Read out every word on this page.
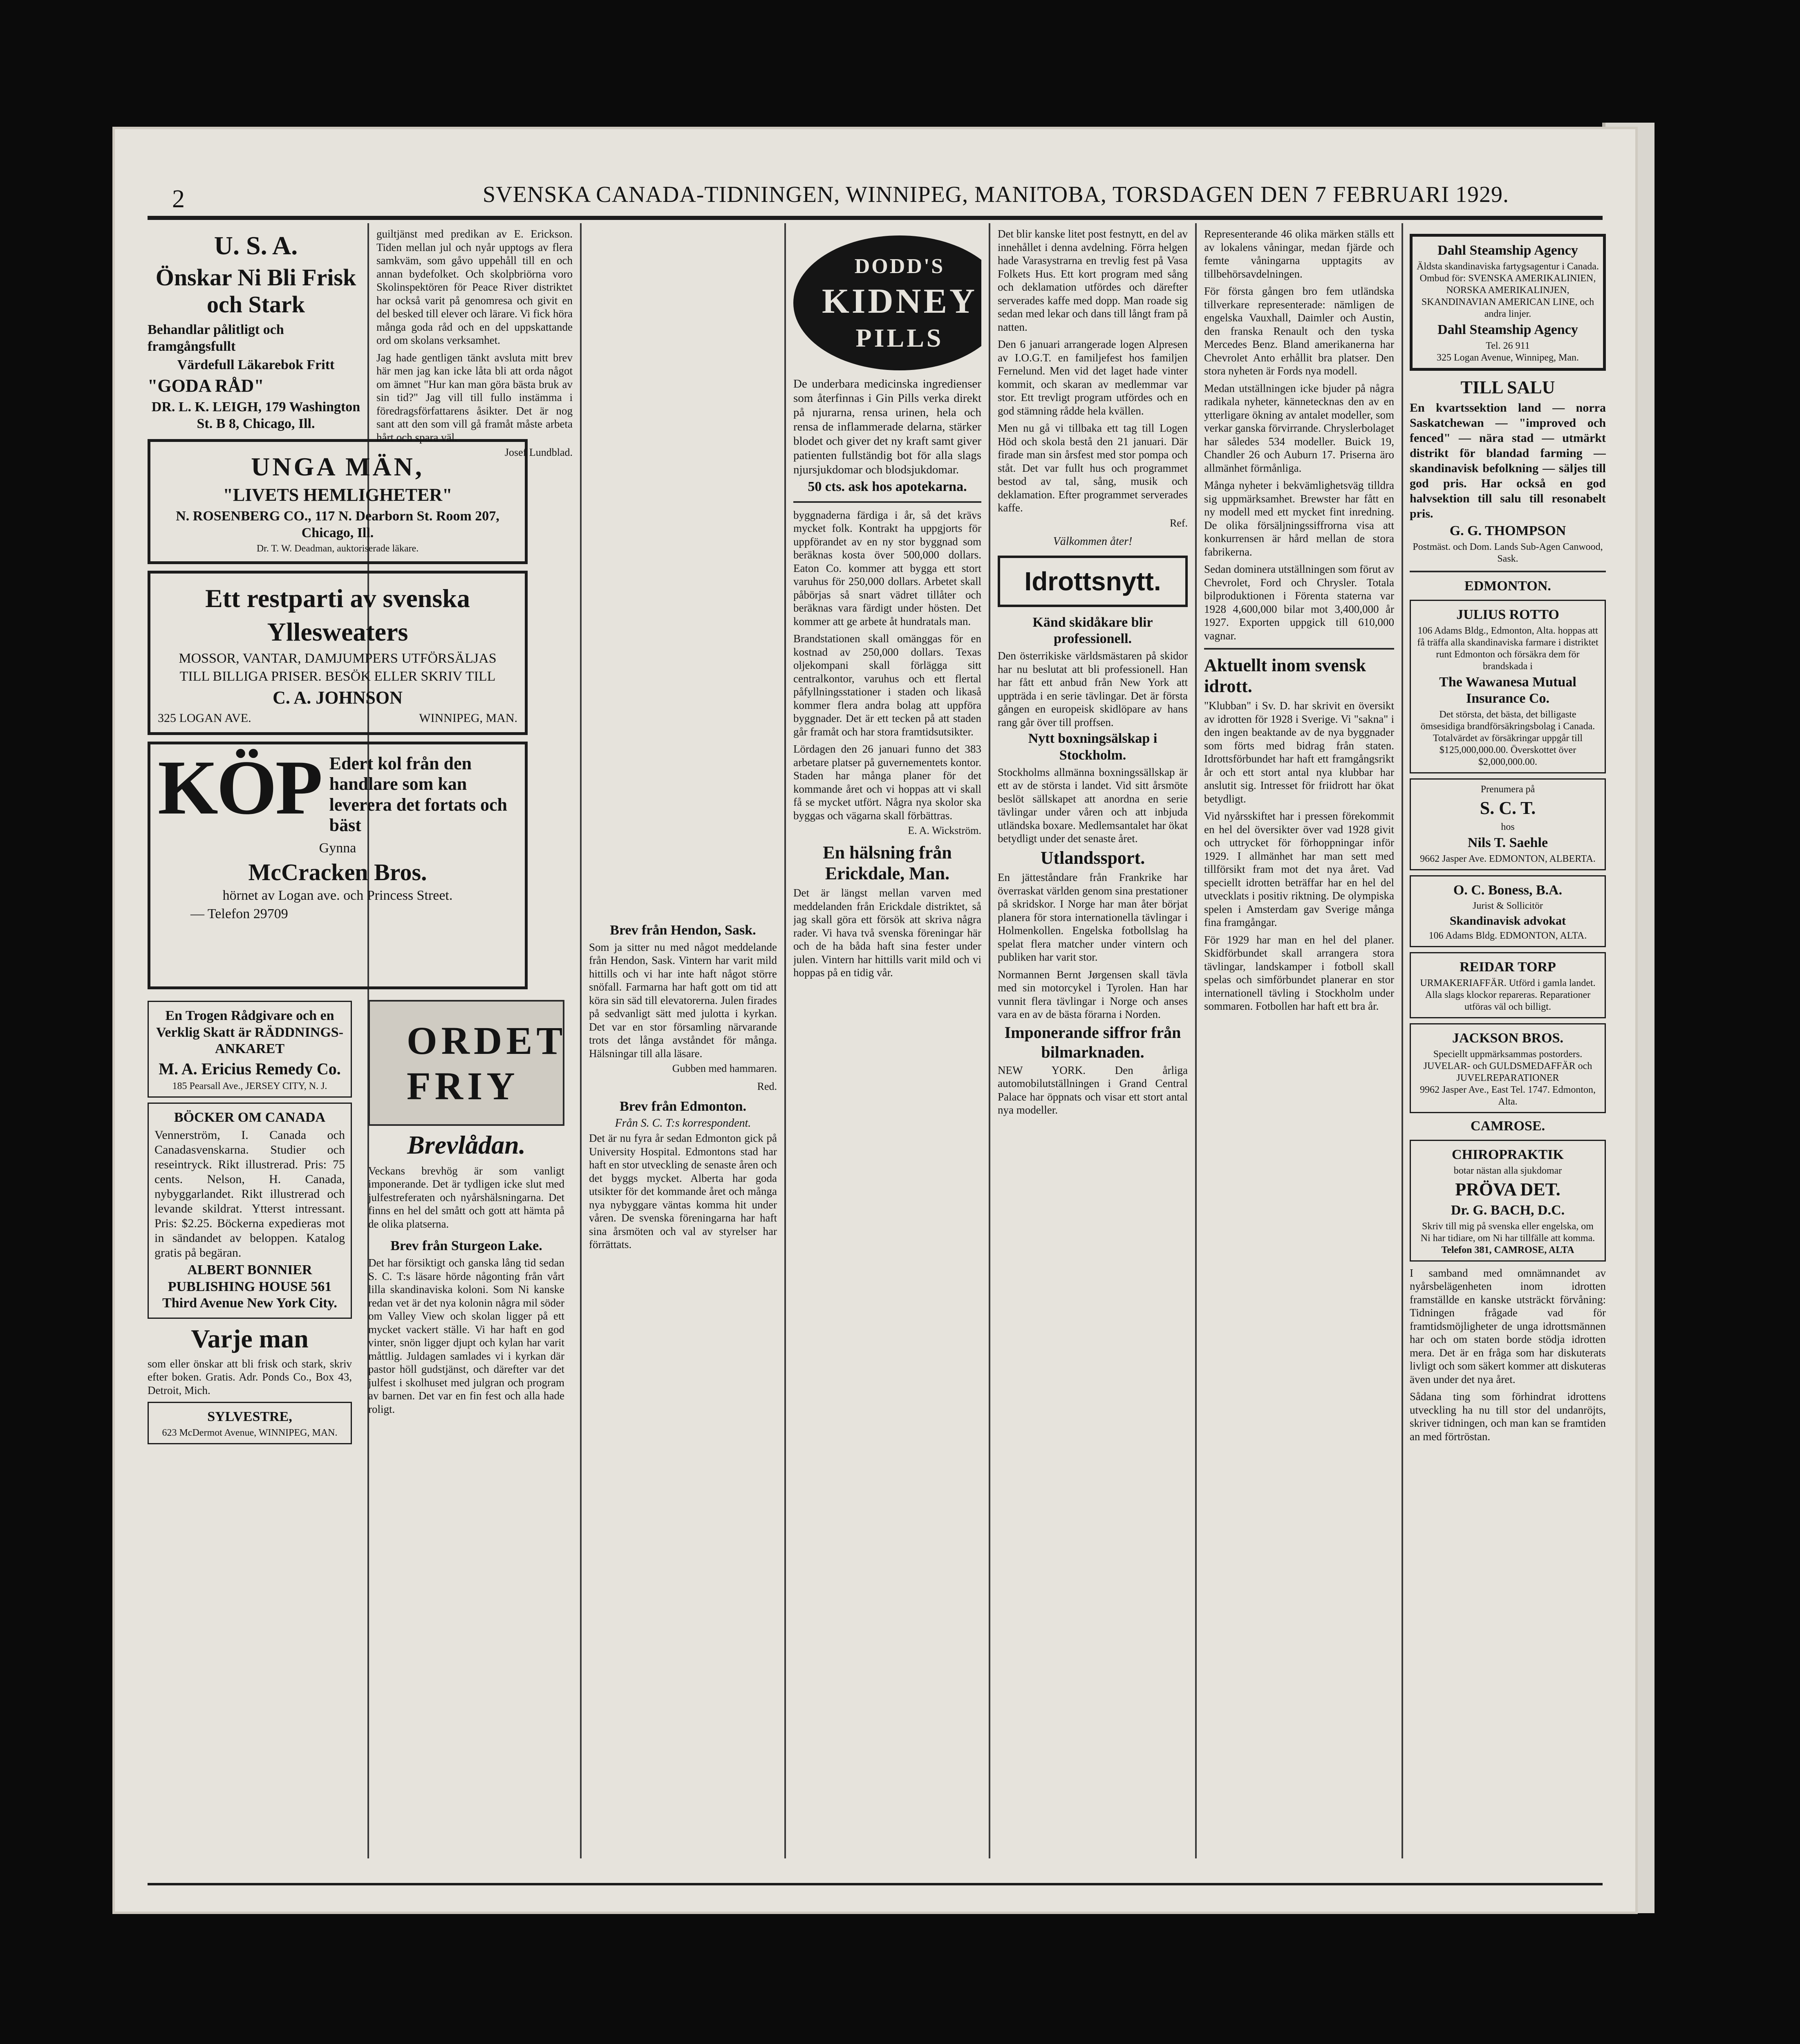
2	SVENSKA CANADA-TIDNINGEN, WINNIPEG, MANITOBA, TORSDAGEN DEN 7 FEBRUARI 1929.
U. S. A.
Önskar Ni Bli Frisk och Stark
Behandlar pålitligt och framgångsfullt
Värdefull Läkarebok Fritt
"GODA RÅD"
DR. L. K. LEIGH, 179 Washington St. B 8, Chicago, Ill.
UNGA MÄN,
"LIVETS HEMLIGHETER"
N. ROSENBERG CO., 117 N. Dearborn St. Room 207, Chicago, Ill.
Dr. T. W. Deadman, auktoriserade läkare.
Ett restparti av svenska
Yllesweaters
MOSSOR, VANTAR, DAMJUMPERS UTFÖRSÄLJAS
TILL BILLIGA PRISER. BESÖK ELLER SKRIV TILL
C. A. JOHNSON
325 LOGAN AVE.	WINNIPEG, MAN.
KÖP Edert kol från den handlare som kan leverera det fortats och bäst
Gynna
McCracken Bros.
hörnet av Logan ave. och Princess Street.
— Telefon 29709
En Trogen Rådgivare och en Verklig Skatt är RÄDDNINGS-ANKARET
M. A. Ericius Remedy Co.
185 Pearsall Ave., JERSEY CITY, N. J.
BÖCKER OM CANADA

Vennerström, I. Canada och Canadasvenskarna. Studier och reseintryck. Rikt illustrerad. Pris: 75 cents. Nelson, H. Canada, nybyggarlandet. Rikt illustrerad och levande skildrat. Ytterst intressant. Pris: $2.25. Böckerna expedieras mot in sändandet av beloppen. Katalog gratis på begäran.

ALBERT BONNIER PUBLISHING HOUSE 561 Third Avenue New York City.
Varje man

som eller önskar att bli frisk och stark, skriv efter boken. Gratis. Adr. Ponds Co., Box 43, Detroit, Mich.

SYLVESTRE,
623 McDermot Avenue, WINNIPEG, MAN.
ORDET FRIY
Brevlådan.

Veckans brevhög är som vanligt imponerande. Det är tydligen icke slut med julfestreferaten och nyårshälsningarna. Det finns en hel del smått och gott att hämta på de olika platserna.

Brev från Sturgeon Lake.

Det har försiktigt och ganska lång tid sedan S. C. T:s läsare hörde någonting från vårt lilla skandinaviska koloni. Som Ni kanske redan vet är det nya kolonin några mil söder om Valley View och skolan ligger på ett mycket vackert ställe. Vi har haft en god vinter, snön ligger djupt och kylan har varit måttlig. Juldagen samlades vi i kyrkan där pastor höll gudstjänst, och därefter var det julfest i skolhuset med julgran och program av barnen. Det var en fin fest och alla hade roligt.

guiltjänst med predikan av E. Erickson. Tiden mellan jul och nyår upptogs av flera samkväm, som gåvo uppehåll till en och annan bydefolket. Och skolpbriörna voro Skolinspektören för Peace River distriktet har också varit på genomresa och givit en del besked till elever och lärare. Vi fick höra många goda råd och en del uppskattande ord om skolans verksamhet.

Jag hade gentligen tänkt avsluta mitt brev här men jag kan icke låta bli att orda något om ämnet "Hur kan man göra bästa bruk av sin tid?" Jag vill till fullo instämma i föredragsförfattarens åsikter. Det är nog sant att den som vill gå framåt måste arbeta hårt och spara väl.

Josef Lundblad.
Brev från Hendon, Sask.

Som ja sitter nu med något meddelande från Hendon, Sask. Vintern har varit mild hittills och vi har inte haft något större snöfall. Farmarna har haft gott om tid att köra sin säd till elevatorerna. Julen firades på sedvanligt sätt med julotta i kyrkan. Det var en stor församling närvarande trots det långa avståndet för många. Hälsningar till alla läsare.

Gubben med hammaren.
Red.
Brev från Edmonton.
Från S. C. T:s korrespondent.

Det är nu fyra år sedan Edmonton gick på University Hospital. Edmontons stad har haft en stor utveckling de senaste åren och det byggs mycket. Alberta har goda utsikter för det kommande året och många nya nybyggare väntas komma hit under våren. De svenska föreningarna har haft sina årsmöten och val av styrelser har förrättats.

DODD'S
KIDNEY
PILLS

De underbara medicinska ingredienser som återfinnas i Gin Pills verka direkt på njurarna, rensa urinen, hela och rensa de inflammerade delarna, stärker blodet och giver det ny kraft samt giver patienten fullständig bot för alla slags njursjukdomar och blodsjukdomar.

50 cts. ask hos apotekarna.

byggnaderna färdiga i år, så det krävs mycket folk. Kontrakt ha uppgjorts för uppförandet av en ny stor byggnad som beräknas kosta över 500,000 dollars. Eaton Co. kommer att bygga ett stort varuhus för 250,000 dollars. Arbetet skall påbörjas så snart vädret tillåter och beräknas vara färdigt under hösten. Det kommer att ge arbete åt hundratals man.

Brandstationen skall omänggas för en kostnad av 250,000 dollars. Texas oljekompani skall förlägga sitt centralkontor, varuhus och ett flertal påfyllningsstationer i staden och likaså kommer flera andra bolag att uppföra byggnader. Det är ett tecken på att staden går framåt och har stora framtidsutsikter.

Lördagen den 26 januari funno det 383 arbetare platser på guvernementets kontor. Staden har många planer för det kommande året och vi hoppas att vi skall få se mycket utfört. Några nya skolor ska byggas och vägarna skall förbättras.

E. A. Wickström.
En hälsning från Erickdale, Man.

Det är längst mellan varven med meddelanden från Erickdale distriktet, så jag skall göra ett försök att skriva några rader. Vi hava två svenska föreningar här och de ha båda haft sina fester under julen. Vintern har hittills varit mild och vi hoppas på en tidig vår.

Det blir kanske litet post festnytt, en del av innehållet i denna avdelning. Förra helgen hade Varasystrarna en trevlig fest på Vasa Folkets Hus. Ett kort program med sång och deklamation utfördes och därefter serverades kaffe med dopp. Man roade sig sedan med lekar och dans till långt fram på natten.

Den 6 januari arrangerade logen Alpresen av I.O.G.T. en familjefest hos familjen Fernelund. Men vid det laget hade vinter kommit, och skaran av medlemmar var stor. Ett trevligt program utfördes och en god stämning rådde hela kvällen.

Men nu gå vi tillbaka ett tag till Logen Höd och skola bestå den 21 januari. Där firade man sin årsfest med stor pompa och ståt. Det var fullt hus och programmet bestod av tal, sång, musik och deklamation. Efter programmet serverades kaffe.

Ref.
Välkommen åter!
Idrottsnytt.
Känd skidåkare blir professionell.

Den österrikiske världsmästaren på skidor har nu beslutat att bli professionell. Han har fått ett anbud från New York att uppträda i en serie tävlingar. Det är första gången en europeisk skidlöpare av hans rang går över till proffsen.

Nytt boxningsälskap i Stockholm.

Stockholms allmänna boxningssällskap är ett av de största i landet. Vid sitt årsmöte beslöt sällskapet att anordna en serie tävlingar under våren och att inbjuda utländska boxare. Medlemsantalet har ökat betydligt under det senaste året.

Utlandssport.

En jätteståndare från Frankrike har överraskat världen genom sina prestationer på skridskor. I Norge har man åter börjat planera för stora internationella tävlingar i Holmenkollen. Engelska fotbollslag ha spelat flera matcher under vintern och publiken har varit stor.

Normannen Bernt Jørgensen skall tävla med sin motorcykel i Tyrolen. Han har vunnit flera tävlingar i Norge och anses vara en av de bästa förarna i Norden.

Imponerande siffror från bilmarknaden.

NEW YORK. Den årliga automobilutställningen i Grand Central Palace har öppnats och visar ett stort antal nya modeller.

Representerande 46 olika märken ställs ett av lokalens våningar, medan fjärde och femte våningarna upptagits av tillbehörsavdelningen.

För första gången bro fem utländska tillverkare representerade: nämligen de engelska Vauxhall, Daimler och Austin, den franska Renault och den tyska Mercedes Benz. Bland amerikanerna har Chevrolet Anto erhållit bra platser. Den stora nyheten är Fords nya modell.

Medan utställningen icke bjuder på några radikala nyheter, kännetecknas den av en ytterligare ökning av antalet modeller, som verkar ganska förvirrande. Chryslerbolaget har således 534 modeller. Buick 19, Chandler 26 och Auburn 17. Priserna äro allmänhet förmånliga.

Många nyheter i bekvämlighetsväg tilldra sig uppmärksamhet. Brewster har fått en ny modell med ett mycket fint inredning. De olika försäljningssiffrorna visa att konkurrensen är hård mellan de stora fabrikerna.

Sedan dominera utställningen som förut av Chevrolet, Ford och Chrysler. Totala bilproduktionen i Förenta staterna var 1928 4,600,000 bilar mot 3,400,000 år 1927. Exporten uppgick till 610,000 vagnar.

Aktuellt inom svensk idrott.

"Klubban" i Sv. D. har skrivit en översikt av idrotten för 1928 i Sverige. Vi "sakna" i den ingen beaktande av de nya byggnader som förts med bidrag från staten. Idrottsförbundet har haft ett framgångsrikt år och ett stort antal nya klubbar har anslutit sig. Intresset för friidrott har ökat betydligt.

Vid nyårsskiftet har i pressen förekommit en hel del översikter över vad 1928 givit och uttrycket för förhoppningar inför 1929. I allmänhet har man sett med tillförsikt fram mot det nya året. Vad speciellt idrotten beträffar har en hel del utvecklats i positiv riktning. De olympiska spelen i Amsterdam gav Sverige många fina framgångar.

För 1929 har man en hel del planer. Skidförbundet skall arrangera stora tävlingar, landskamper i fotboll skall spelas och simförbundet planerar en stor internationell tävling i Stockholm under sommaren. Fotbollen har haft ett bra år.

Dahl Steamship Agency
Äldsta skandinaviska fartygsagentur i Canada. Ombud för: SVENSKA AMERIKALINIEN, NORSKA AMERIKALINJEN, SKANDINAVIAN AMERICAN LINE, och andra linjer.
Dahl Steamship Agency
Tel. 26 911
325 Logan Avenue, Winnipeg, Man.
TILL SALU

En kvartssektion land — norra Saskatchewan — "improved och fenced" — nära stad — utmärkt distrikt för blandad farming — skandinavisk befolkning — säljes till god pris. Har också en god halvsektion till salu till resonabelt pris.

G. G. THOMPSON
Postmäst. och Dom. Lands Sub-Agen Canwood, Sask.
EDMONTON.
JULIUS ROTTO
106 Adams Bldg., Edmonton, Alta. hoppas att få träffa alla skandinaviska farmare i distriktet runt Edmonton och försäkra dem för brandskada i
The Wawanesa Mutual Insurance Co.
Det största, det bästa, det billigaste ömsesidiga brandförsäkringsbolag i Canada. Totalvärdet av försäkringar uppgår till $125,000,000.00. Överskottet över $2,000,000.00.
Prenumera på
S. C. T.
hos
Nils T. Saehle
9662 Jasper Ave. EDMONTON, ALBERTA.
O. C. Boness, B.A.
Jurist & Sollicitör
Skandinavisk advokat
106 Adams Bldg. EDMONTON, ALTA.
REIDAR TORP
URMAKERIAFFÄR. Utförd i gamla landet. Alla slags klockor repareras. Reparationer utföras väl och billigt.
JACKSON BROS.
Speciellt uppmärksammas postorders. JUVELAR- och GULDSMEDAFFÄR och JUVELREPARATIONER
9962 Jasper Ave., East Tel. 1747. Edmonton, Alta.
CAMROSE.
CHIROPRAKTIK
botar nästan alla sjukdomar
PRÖVA DET.
Dr. G. BACH, D.C.
Skriv till mig på svenska eller engelska, om Ni har tidiare, om Ni har tillfälle att komma.
Telefon 381, CAMROSE, ALTA

I samband med omnämnandet av nyårsbelägenheten inom idrotten framställde en kanske utsträckt förvåning: Tidningen frågade vad för framtidsmöjligheter de unga idrottsmännen har och om staten borde stödja idrotten mera. Det är en fråga som har diskuterats livligt och som säkert kommer att diskuteras även under det nya året.

Sådana ting som förhindrat idrottens utveckling ha nu till stor del undanröjts, skriver tidningen, och man kan se framtiden an med förtröstan.
